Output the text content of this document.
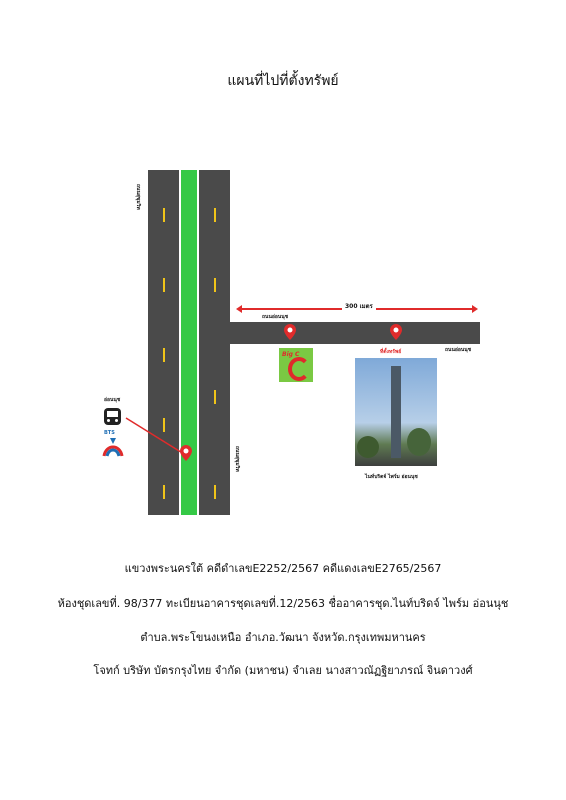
แผนที่ไปที่ตั้งทรัพย์
ถนนสุขุมวิท
ถนนสุขุมวิท
ถนนอ่อนนุช
ถนนอ่อนนุช
300 เมตร
Big C	ที่ตั้งทรัพย์
ไนท์บริดจ์ ไพร์ม อ่อนนุช
อ่อนนุช
BTS
แขวงพระนครใต้ คดีดำเลขE2252/2567 คดีแดงเลขE2765/2567
ห้องชุดเลขที่. 98/377 ทะเบียนอาคารชุดเลขที่.12/2563 ชื่ออาคารชุด.ไนท์บริดจ์ ไพร์ม อ่อนนุช
ตำบล.พระโขนงเหนือ อำเภอ.วัฒนา จังหวัด.กรุงเทพมหานคร
โจทก์ บริษัท บัตรกรุงไทย จำกัด (มหาชน) จำเลย นางสาวณัฏฐิยาภรณ์ จินดาวงศ์
